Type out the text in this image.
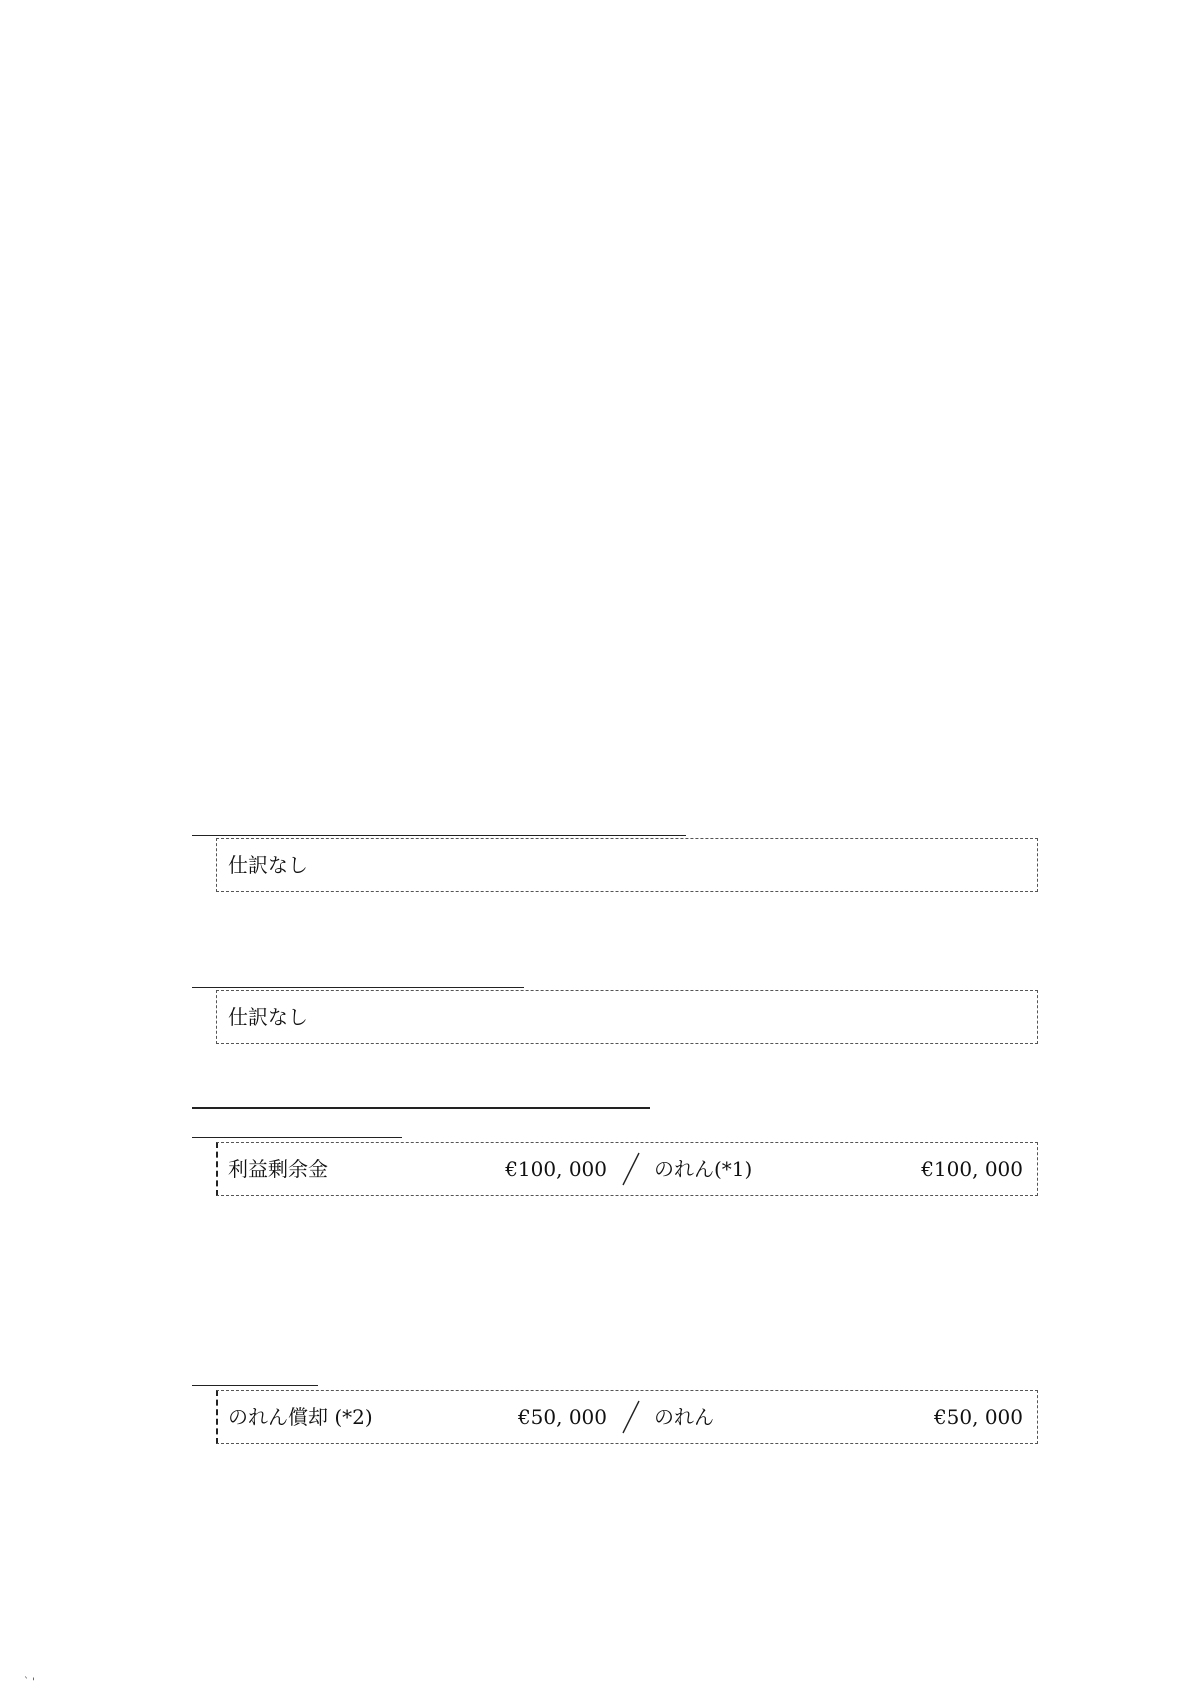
仕訳なし
仕訳なし
利益剰余金	€100, 000 のれん(*1)	€100, 000
のれん償却 (*2)	€50, 000 のれん	€50, 000
` '
